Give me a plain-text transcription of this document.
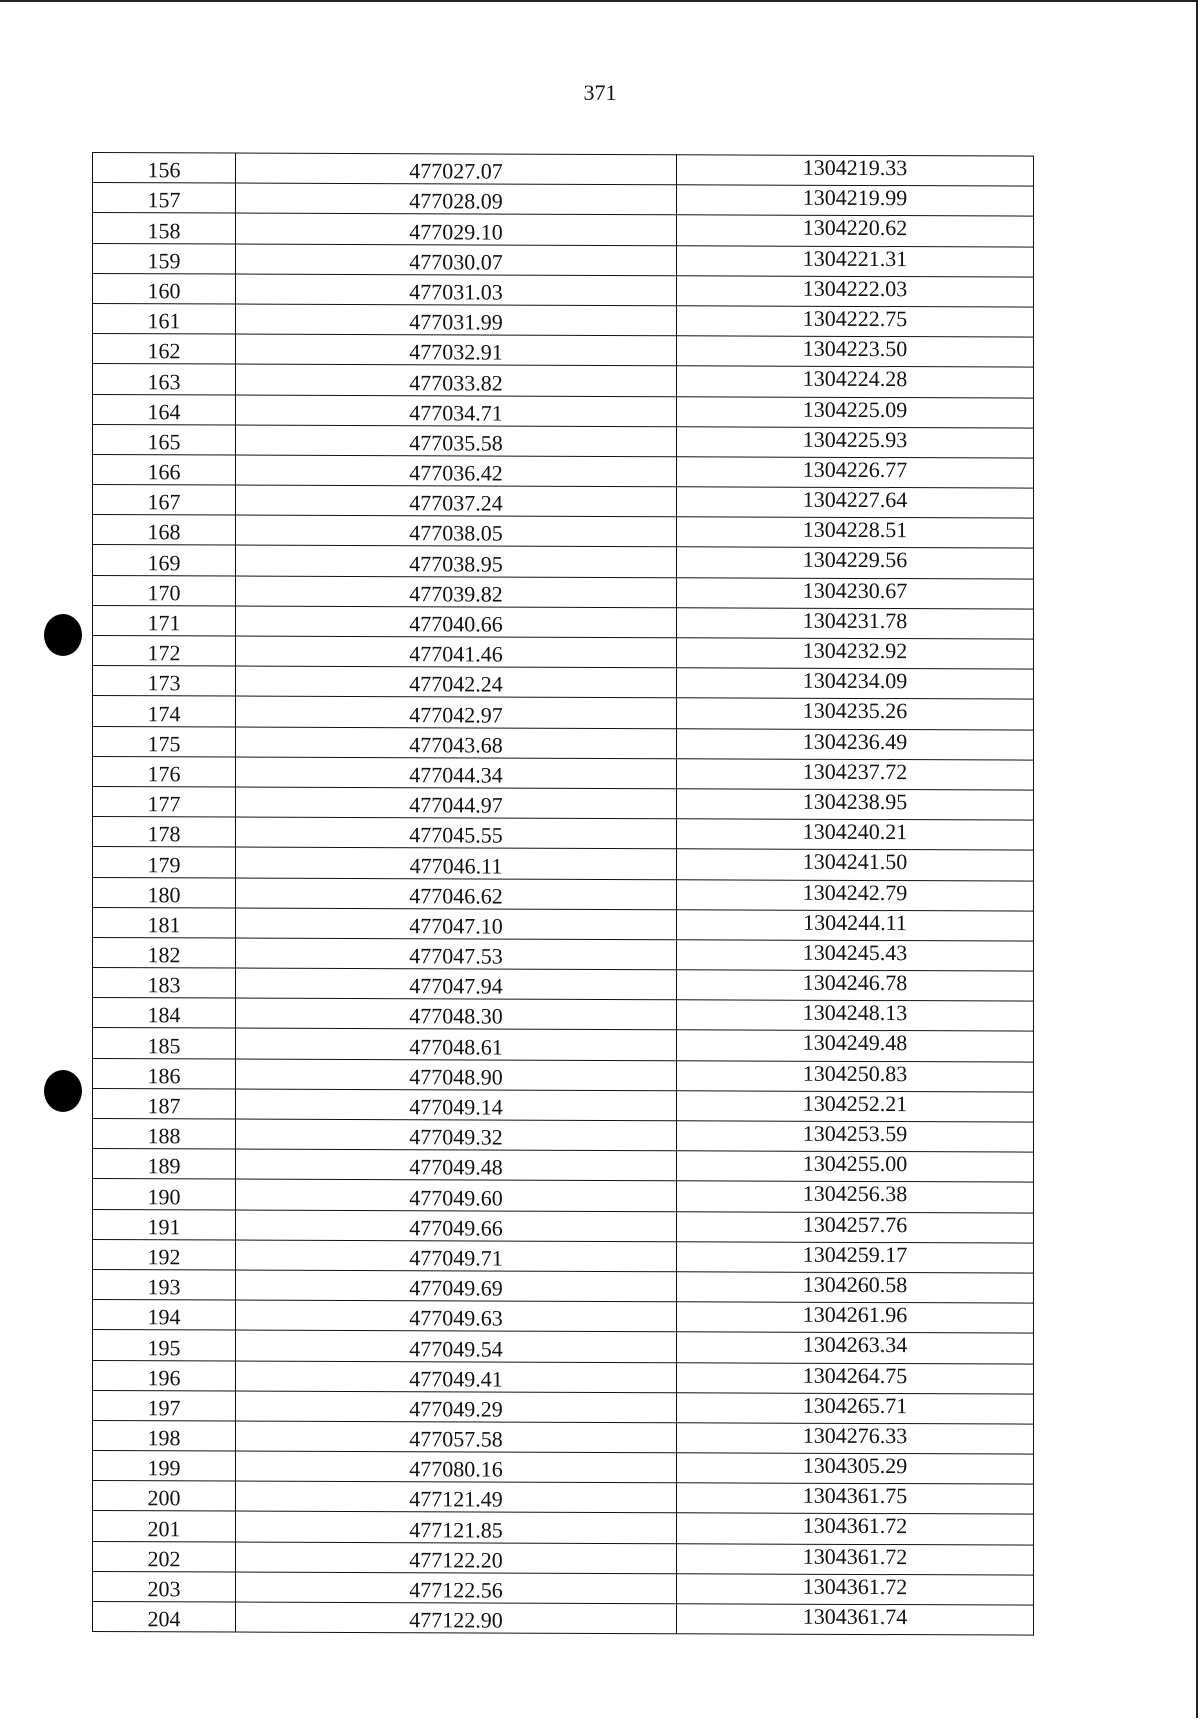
371
156	477027.07	1304219.33
157	477028.09	1304219.99
158	477029.10	1304220.62
159	477030.07	1304221.31
160	477031.03	1304222.03
161	477031.99	1304222.75
162	477032.91	1304223.50
163	477033.82	1304224.28
164	477034.71	1304225.09
165	477035.58	1304225.93
166	477036.42	1304226.77
167	477037.24	1304227.64
168	477038.05	1304228.51
169	477038.95	1304229.56
170	477039.82	1304230.67
171	477040.66	1304231.78
172	477041.46	1304232.92
173	477042.24	1304234.09
174	477042.97	1304235.26
175	477043.68	1304236.49
176	477044.34	1304237.72
177	477044.97	1304238.95
178	477045.55	1304240.21
179	477046.11	1304241.50
180	477046.62	1304242.79
181	477047.10	1304244.11
182	477047.53	1304245.43
183	477047.94	1304246.78
184	477048.30	1304248.13
185	477048.61	1304249.48
186	477048.90	1304250.83
187	477049.14	1304252.21
188	477049.32	1304253.59
189	477049.48	1304255.00
190	477049.60	1304256.38
191	477049.66	1304257.76
192	477049.71	1304259.17
193	477049.69	1304260.58
194	477049.63	1304261.96
195	477049.54	1304263.34
196	477049.41	1304264.75
197	477049.29	1304265.71
198	477057.58	1304276.33
199	477080.16	1304305.29
200	477121.49	1304361.75
201	477121.85	1304361.72
202	477122.20	1304361.72
203	477122.56	1304361.72
204	477122.90	1304361.74
